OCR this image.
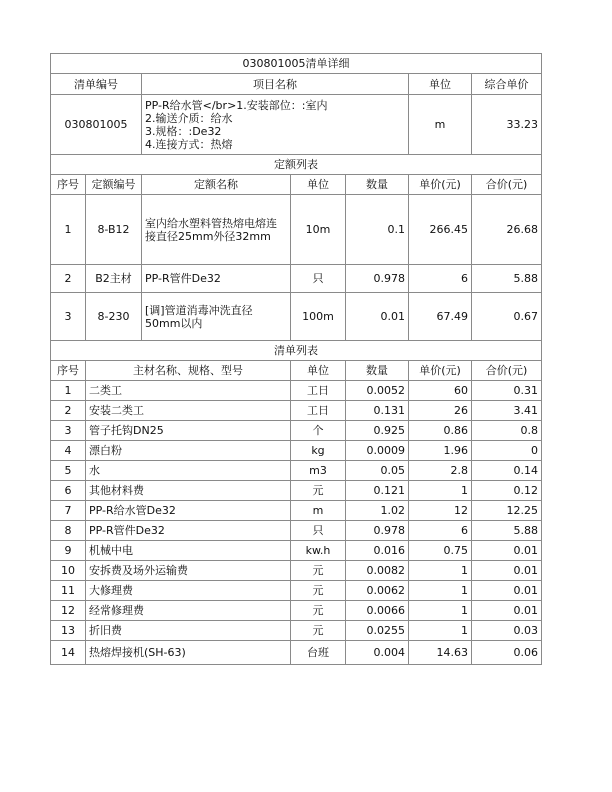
030801005清单详细			
清单编号	项目名称	单位	综合单价
030801005	PP-R给水管</br>1.安装部位：:室内
2.输送介质：给水
3.规格：:De32
4.连接方式：热熔	m	33.23
定额列表						
序号	定额编号	定额名称	单位	数量	单价(元)	合价(元)
1	8-B12	室内给水塑料管热熔电熔连接直径25mm外径32mm	10m	0.1	266.45	26.68
2	B2主材	PP-R管件De32	只	0.978	6	5.88
3	8-230	[调]管道消毒冲洗直径50mm以内	100m	0.01	67.49	0.67
清单列表					
序号	主材名称、规格、型号	单位	数量	单价(元)	合价(元)
1	二类工	工日	0.0052	60	0.31
2	安装二类工	工日	0.131	26	3.41
3	管子托钩DN25	个	0.925	0.86	0.8
4	漂白粉	kg	0.0009	1.96	0
5	水	m3	0.05	2.8	0.14
6	其他材料费	元	0.121	1	0.12
7	PP-R给水管De32	m	1.02	12	12.25
8	PP-R管件De32	只	0.978	6	5.88
9	机械中电	kw.h	0.016	0.75	0.01
10	安拆费及场外运输费	元	0.0082	1	0.01
11	大修理费	元	0.0062	1	0.01
12	经常修理费	元	0.0066	1	0.01
13	折旧费	元	0.0255	1	0.03
14	热熔焊接机(SH-63)	台班	0.004	14.63	0.06
